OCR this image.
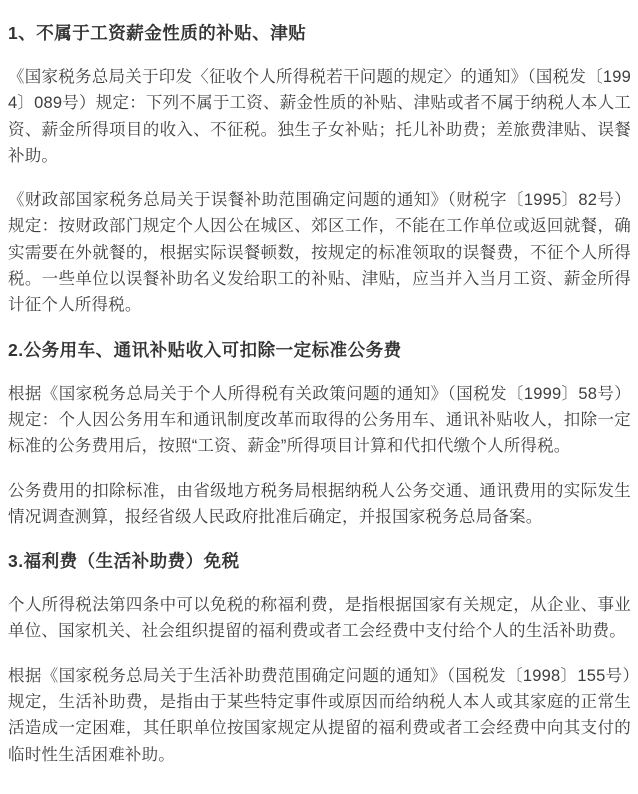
1、不属于工资薪金性质的补贴、津贴

《国家税务总局关于印发〈征收个人所得税若干问题的规定〉的通知》（国税发〔1994〕089号）规定：下列不属于工资、薪金性质的补贴、津贴或者不属于纳税人本人工资、薪金所得项目的收入、不征税。独生子女补贴；托儿补助费；差旅费津贴、误餐补助。

《财政部国家税务总局关于误餐补助范围确定问题的通知》（财税字〔1995〕82号）规定：按财政部门规定个人因公在城区、郊区工作，不能在工作单位或返回就餐，确实需要在外就餐的，根据实际误餐顿数，按规定的标准领取的误餐费，不征个人所得税。一些单位以误餐补助名义发给职工的补贴、津贴，应当并入当月工资、薪金所得计征个人所得税。

2.公务用车、通讯补贴收入可扣除一定标准公务费

根据《国家税务总局关于个人所得税有关政策问题的通知》（国税发〔1999〕58号）规定：个人因公务用车和通讯制度改革而取得的公务用车、通讯补贴收人，扣除一定标准的公务费用后，按照“工资、薪金”所得项目计算和代扣代缴个人所得税。

公务费用的扣除标准，由省级地方税务局根据纳税人公务交通、通讯费用的实际发生情况调查测算，报经省级人民政府批准后确定，并报国家税务总局备案。

3.福利费（生活补助费）免税

个人所得税法第四条中可以免税的称福利费，是指根据国家有关规定，从企业、事业单位、国家机关、社会组织提留的福利费或者工会经费中支付给个人的生活补助费。

根据《国家税务总局关于生活补助费范围确定问题的通知》（国税发〔1998〕155号）规定，生活补助费，是指由于某些特定事件或原因而给纳税人本人或其家庭的正常生活造成一定困难，其任职单位按国家规定从提留的福利费或者工会经费中向其支付的临时性生活困难补助。
